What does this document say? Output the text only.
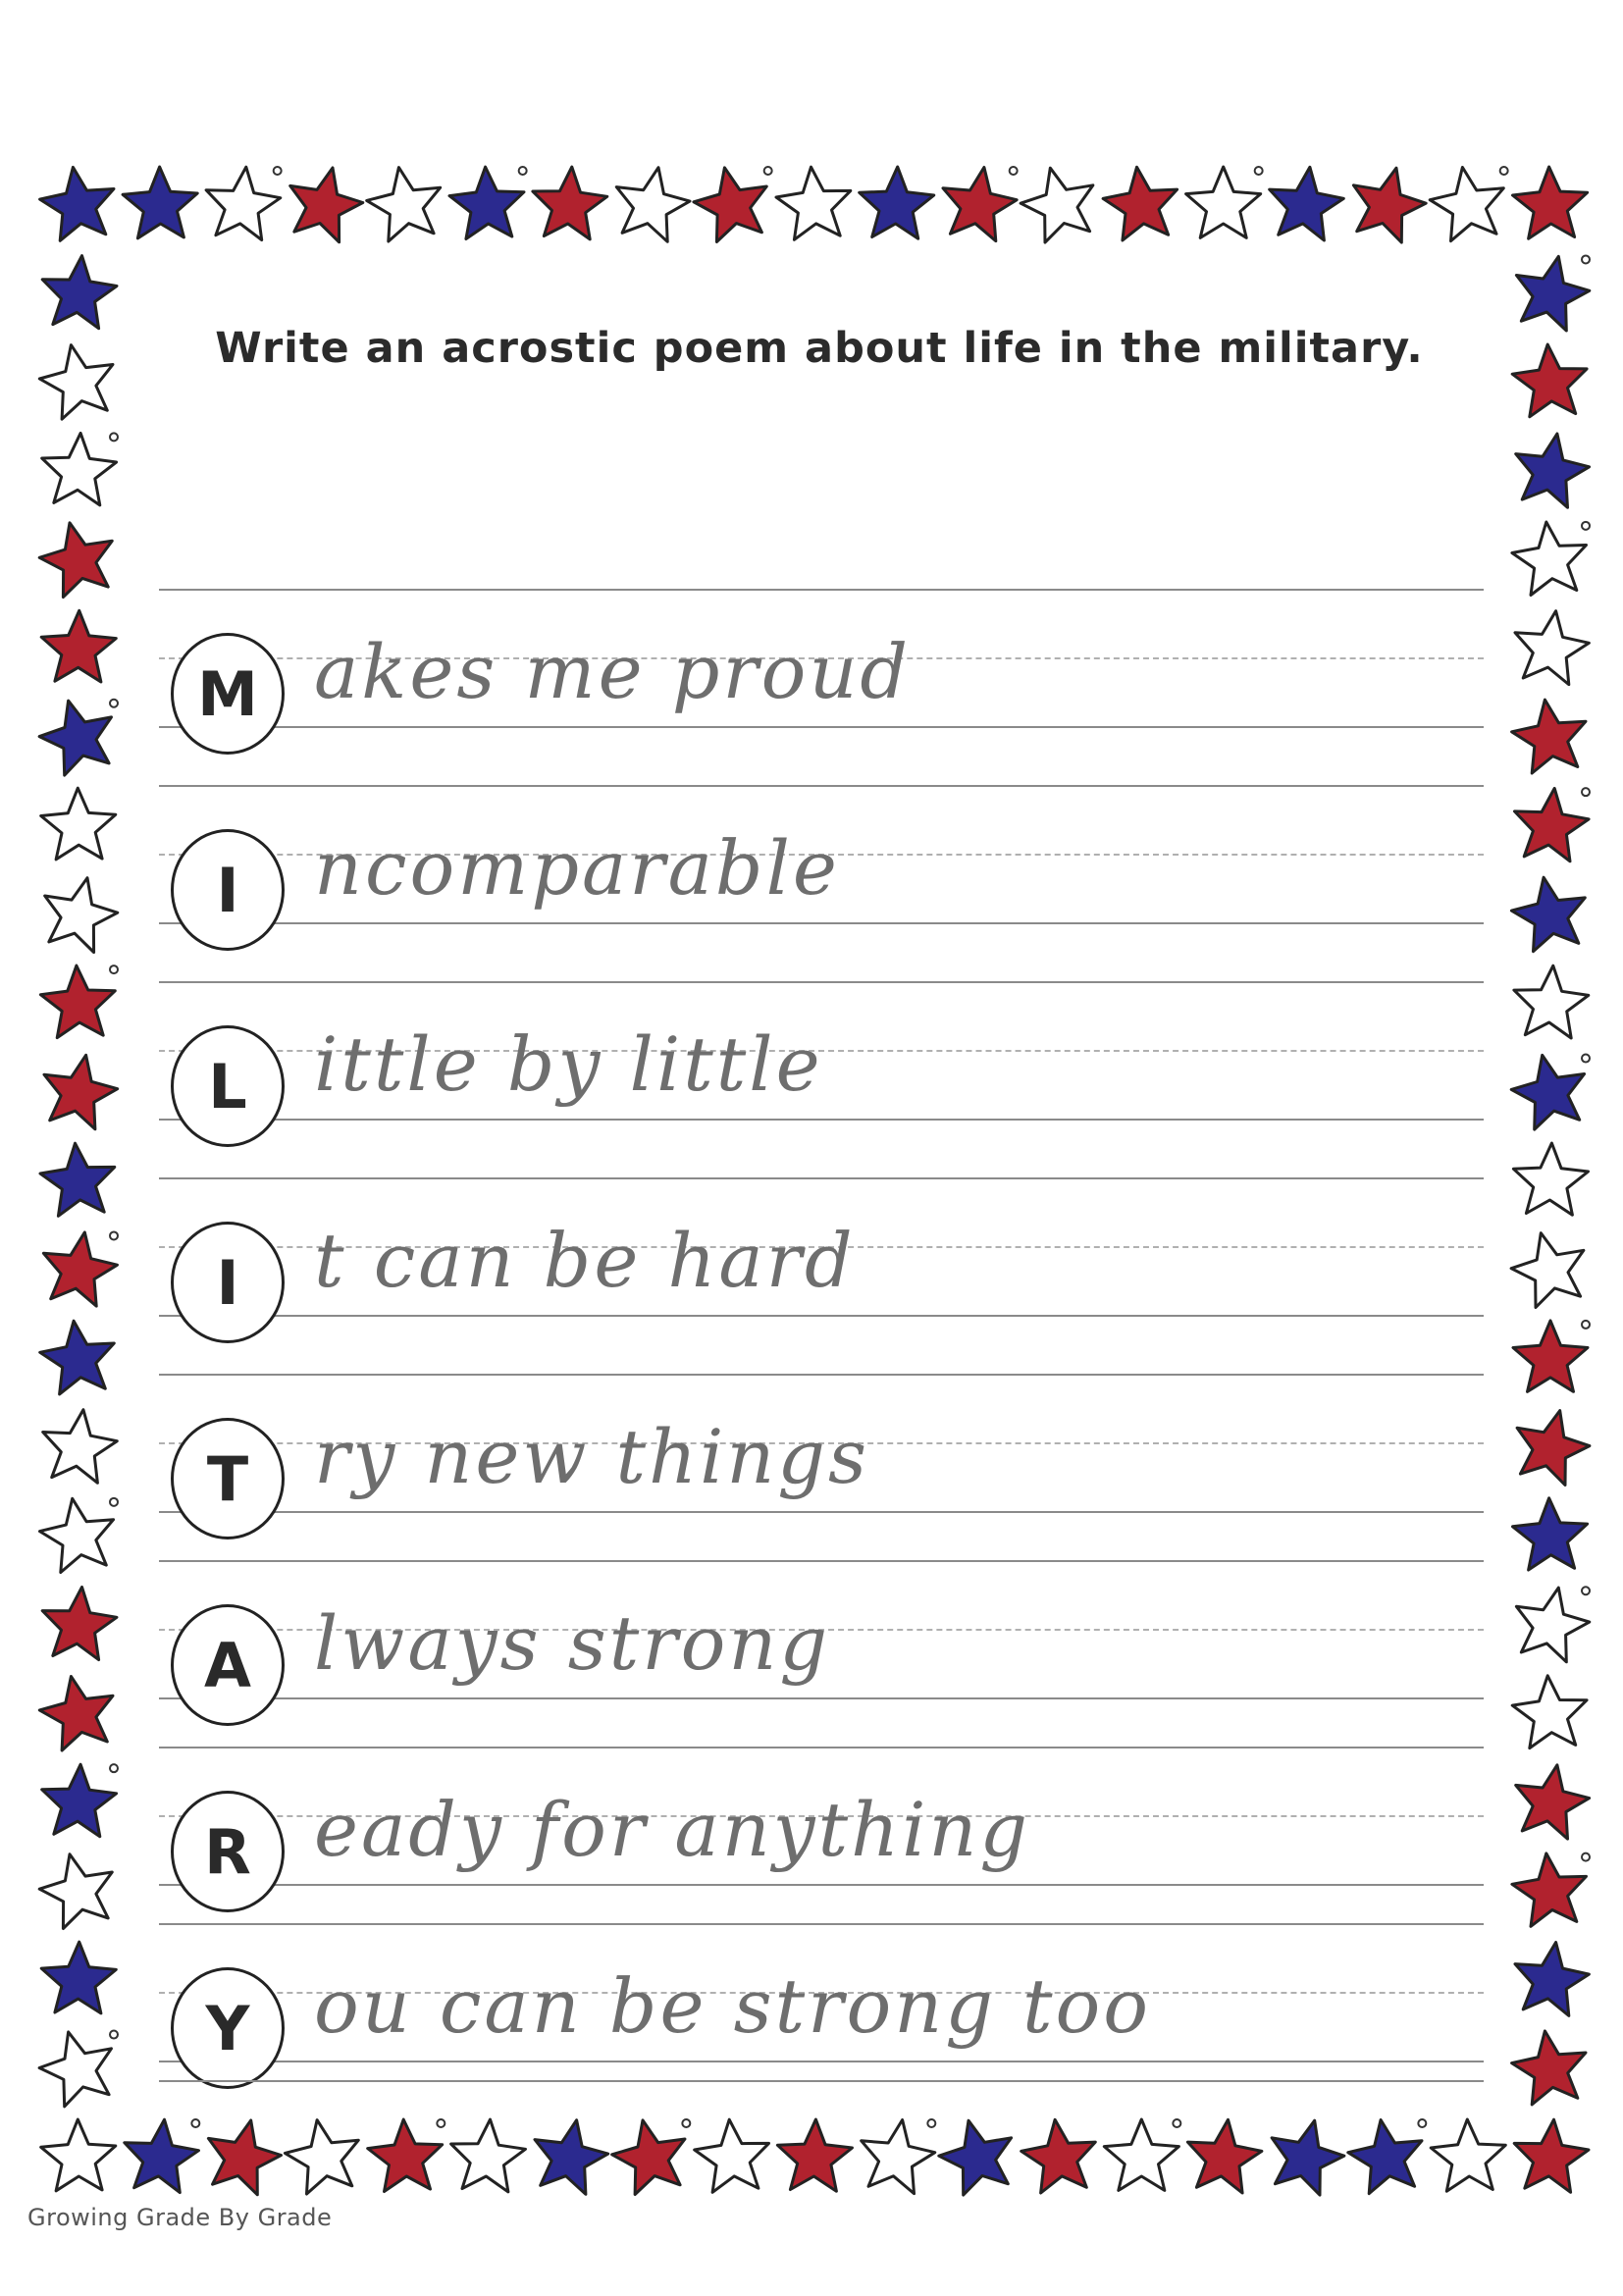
Write an acrostic poem about life in the military.
M akes me proud
I	ncomparable
L ittle by little
I	t can be hard
T ry new things
A lways strong
R eady for anything
Y ou can be strong too
Growing Grade By Grade
